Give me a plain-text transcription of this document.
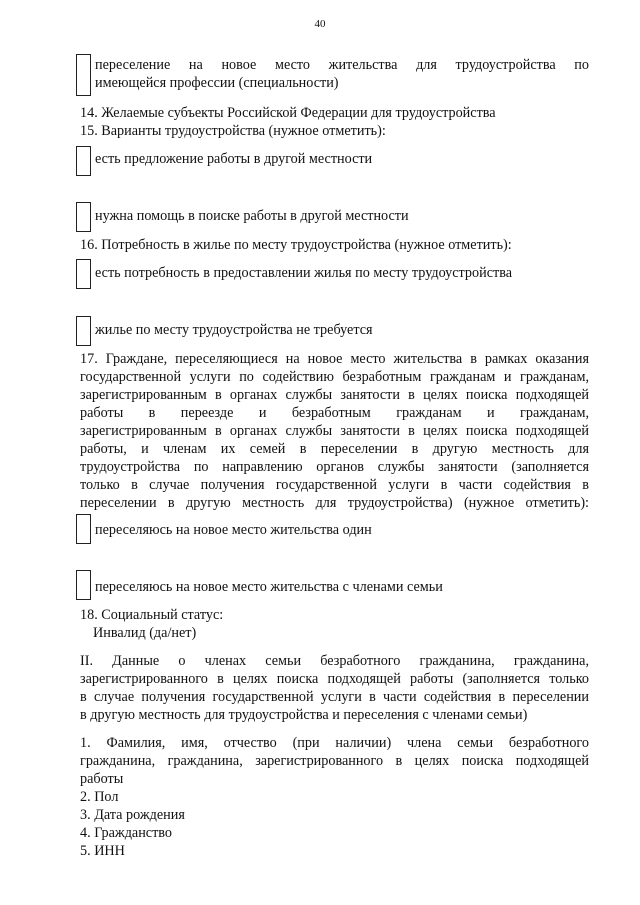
40
переселение на новое место жительства для трудоустройства по
имеющейся профессии (специальности)
14. Желаемые субъекты Российской Федерации для трудоустройства
15. Варианты трудоустройства (нужное отметить):
есть предложение работы в другой местности
нужна помощь в поиске работы в другой местности
16. Потребность в жилье по месту трудоустройства (нужное отметить):
есть потребность в предоставлении жилья по месту трудоустройства
жилье по месту трудоустройства не требуется
17. Граждане, переселяющиеся на новое место жительства в рамках оказания
государственной услуги по содействию безработным гражданам и гражданам,
зарегистрированным в органах службы занятости в целях поиска подходящей
работы в переезде и безработным гражданам и гражданам,
зарегистрированным в органах службы занятости в целях поиска подходящей
работы, и членам их семей в переселении в другую местность для
трудоустройства по направлению органов службы занятости (заполняется
только в случае получения государственной услуги в части содействия в
переселении в другую местность для трудоустройства) (нужное отметить):
переселяюсь на новое место жительства один
переселяюсь на новое место жительства с членами семьи
18. Социальный статус:
Инвалид (да/нет)
II. Данные о членах семьи безработного гражданина, гражданина,
зарегистрированного в целях поиска подходящей работы (заполняется только
в случае получения государственной услуги в части содействия в переселении
в другую местность для трудоустройства и переселения с членами семьи)
1. Фамилия, имя, отчество (при наличии) члена семьи безработного
гражданина, гражданина, зарегистрированного в целях поиска подходящей
работы
2. Пол
3. Дата рождения
4. Гражданство
5. ИНН
